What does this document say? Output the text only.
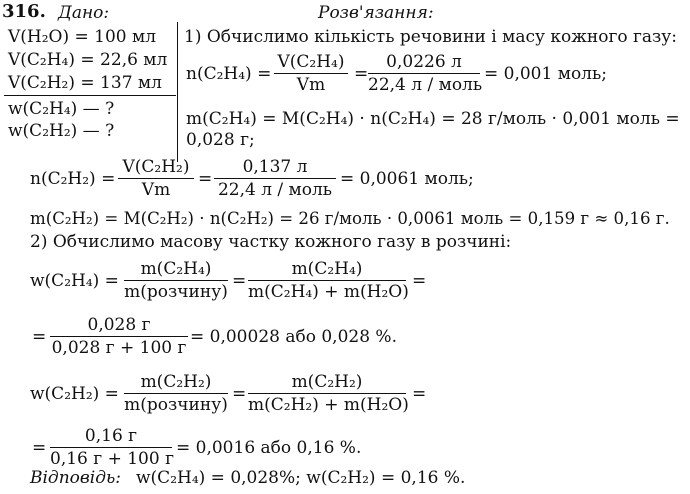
316. Дано:	Розв'язання:
V(H₂O) = 100 мл
V(C₂H₄) = 22,6 мл
V(C₂H₂) = 137 мл
w(C₂H₄) — ?
w(C₂H₂) — ?
1) Обчислимо кількість речовини і масу кожного газу:
n(C₂H₄) =
V(C₂H₄)
Vm
=
0,0226 л
22,4 л / моль
= 0,001 моль;
m(C₂H₄) = M(C₂H₄) · n(C₂H₄) = 28 г/моль · 0,001 моль =
0,028 г;
n(C₂H₂) =
V(C₂H₂)
Vm
=
0,137 л
22,4 л / моль
= 0,0061 моль;
m(C₂H₂) = M(C₂H₂) · n(C₂H₂) = 26 г/моль · 0,0061 моль = 0,159 г ≈ 0,16 г.
2) Обчислимо масову частку кожного газу в розчині:
w(C₂H₄) =
m(C₂H₄)
m(розчину)
=
m(C₂H₄)
m(C₂H₄) + m(H₂O)
=
=
0,028 г
0,028 г + 100 г
= 0,00028 або 0,028 %.
w(C₂H₂) =
m(C₂H₂)
m(розчину)
=
m(C₂H₂)
m(C₂H₂) + m(H₂O)
=
=
0,16 г
0,16 г + 100 г
= 0,0016 або 0,16 %.
Відповідь: w(C₂H₄) = 0,028%; w(C₂H₂) = 0,16 %.
